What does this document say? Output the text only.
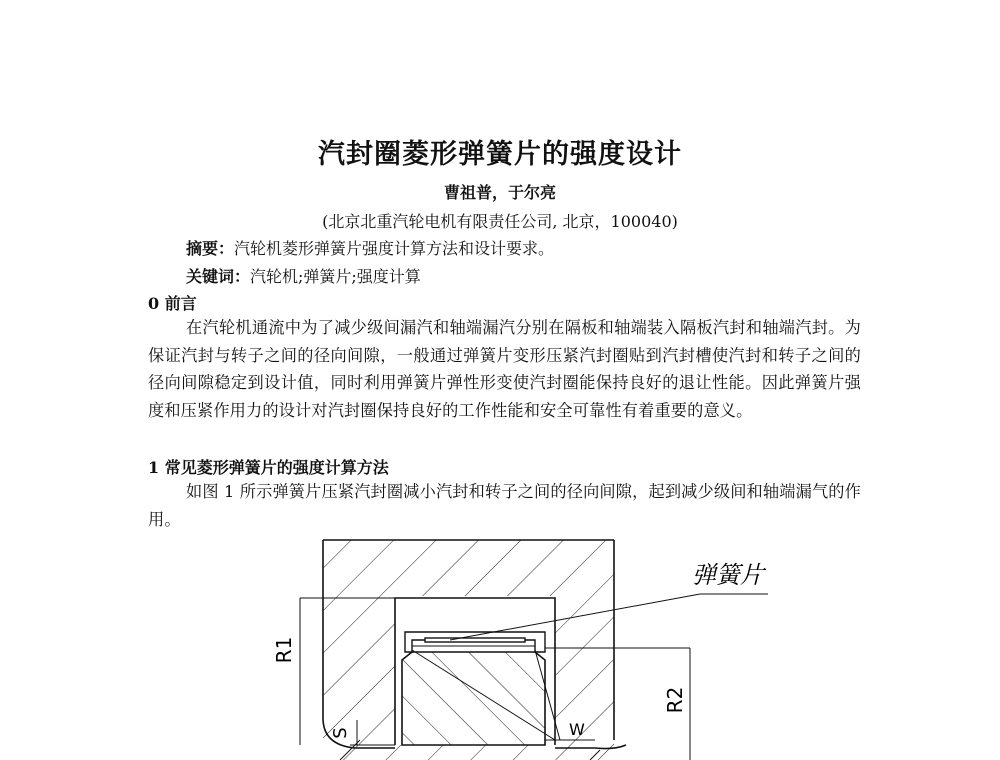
汽封圈菱形弹簧片的强度设计
曹祖普，于尔亮
(北京北重汽轮电机有限责任公司, 北京，100040)
摘要：汽轮机菱形弹簧片强度计算方法和设计要求。
关键词：汽轮机;弹簧片;强度计算
0 前言
在汽轮机通流中为了减少级间漏汽和轴端漏汽分别在隔板和轴端装入隔板汽封和轴端汽封。为保证汽封与转子之间的径向间隙，一般通过弹簧片变形压紧汽封圈贴到汽封槽使汽封和转子之间的径向间隙稳定到设计值，同时利用弹簧片弹性形变使汽封圈能保持良好的退让性能。因此弹簧片强度和压紧作用力的设计对汽封圈保持良好的工作性能和安全可靠性有着重要的意义。
1 常见菱形弹簧片的强度计算方法
如图 1 所示弹簧片压紧汽封圈减小汽封和转子之间的径向间隙，起到减少级间和轴端漏气的作用。
R1
R2
S	W
弹簧片
